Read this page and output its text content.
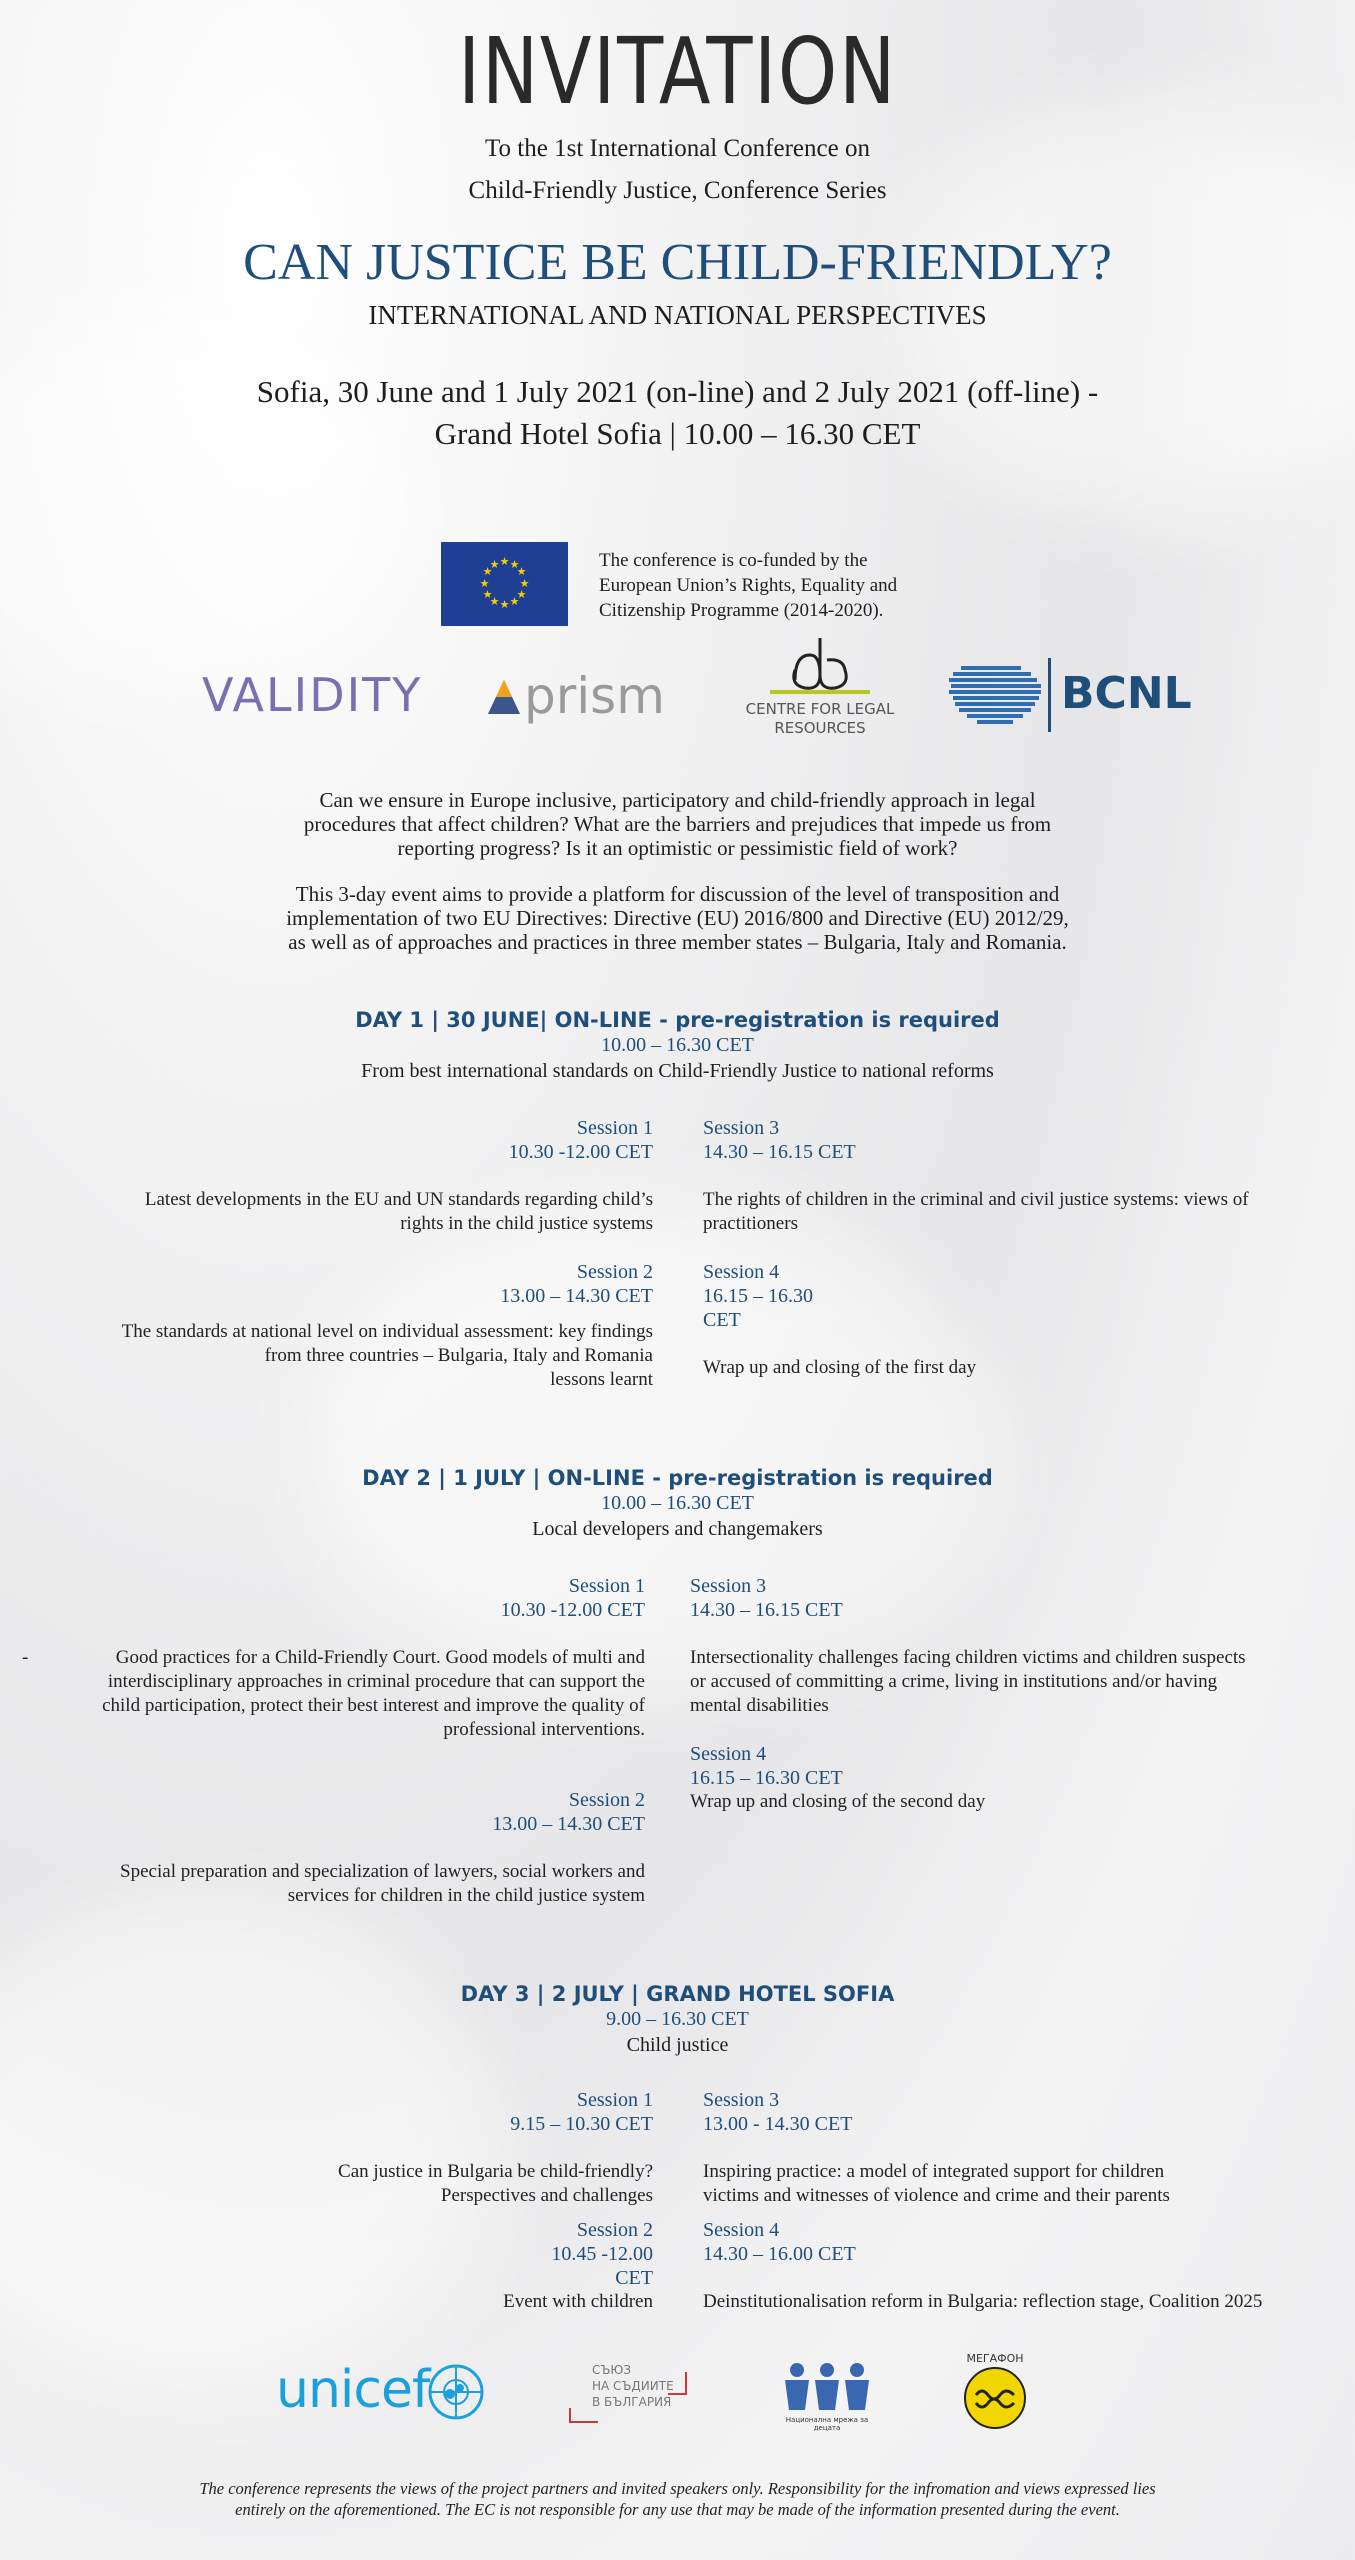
INVITATION
To the 1st International Conference on
Child-Friendly Justice, Conference Series
CAN JUSTICE BE CHILD-FRIENDLY?
INTERNATIONAL AND NATIONAL PERSPECTIVES
Sofia, 30 June and 1 July 2021 (on-line) and 2 July 2021 (off-line) -
Grand Hotel Sofia | 10.00 – 16.30 CET
★ ★
★
★
★
★
★
★
★
★
★
★	The conference is co-funded by the
European Union’s Rights, Equality and
Citizenship Programme (2014-2020).
VALIDITY prism	CENTRE FOR LEGAL
RESOURCES
BCNL
Can we ensure in Europe inclusive, participatory and child-friendly approach in legal
procedures that affect children? What are the barriers and prejudices that impede us from
reporting progress? Is it an optimistic or pessimistic field of work?
This 3-day event aims to provide a platform for discussion of the level of transposition and
implementation of two EU Directives: Directive (EU) 2016/800 and Directive (EU) 2012/29,
as well as of approaches and practices in three member states – Bulgaria, Italy and Romania.
DAY 1 | 30 JUNE| ON-LINE - pre-registration is required
10.00 – 16.30 CET
From best international standards on Child-Friendly Justice to national reforms
Session 1
10.30 -12.00 CET
Latest developments in the EU and UN standards regarding child’s
rights in the child justice systems
Session 2
13.00 – 14.30 CET
The standards at national level on individual assessment: key findings
from three countries – Bulgaria, Italy and Romania
lessons learnt
Session 3
14.30 – 16.15 CET
The rights of children in the criminal and civil justice systems: views of
practitioners
Session 4
16.15 – 16.30
CET
Wrap up and closing of the first day
DAY 2 | 1 JULY | ON-LINE - pre-registration is required
10.00 – 16.30 CET
Local developers and changemakers
-
Session 1
10.30 -12.00 CET
Good practices for a Child-Friendly Court. Good models of multi and
interdisciplinary approaches in criminal procedure that can support the
child participation, protect their best interest and improve the quality of
professional interventions.
Session 2
13.00 – 14.30 CET
Special preparation and specialization of lawyers, social workers and
services for children in the child justice system
Session 3
14.30 – 16.15 CET
Intersectionality challenges facing children victims and children suspects
or accused of committing a crime, living in institutions and/or having
mental disabilities
Session 4
16.15 – 16.30 CET
Wrap up and closing of the second day
DAY 3 | 2 JULY | GRAND HOTEL SOFIA
9.00 – 16.30 CET
Child justice
Session 1
9.15 – 10.30 CET
Can justice in Bulgaria be child-friendly?
Perspectives and challenges
Session 2
10.45 -12.00
CET
Event with children
Session 3
13.00 - 14.30 CET
Inspiring practice: a model of integrated support for children
victims and witnesses of violence and crime and their parents
Session 4
14.30 – 16.00 CET
Deinstitutionalisation reform in Bulgaria: reflection stage, Coalition 2025
unicef	СЪЮЗ
НА СЪДИИТЕ
В БЪЛГАРИЯ
Национална мрежа за децата
МЕГАФОН
The conference represents the views of the project partners and invited speakers only. Responsibility for the infromation and views expressed lies
entirely on the aforementioned. The EC is not responsible for any use that may be made of the information presented during the event.
